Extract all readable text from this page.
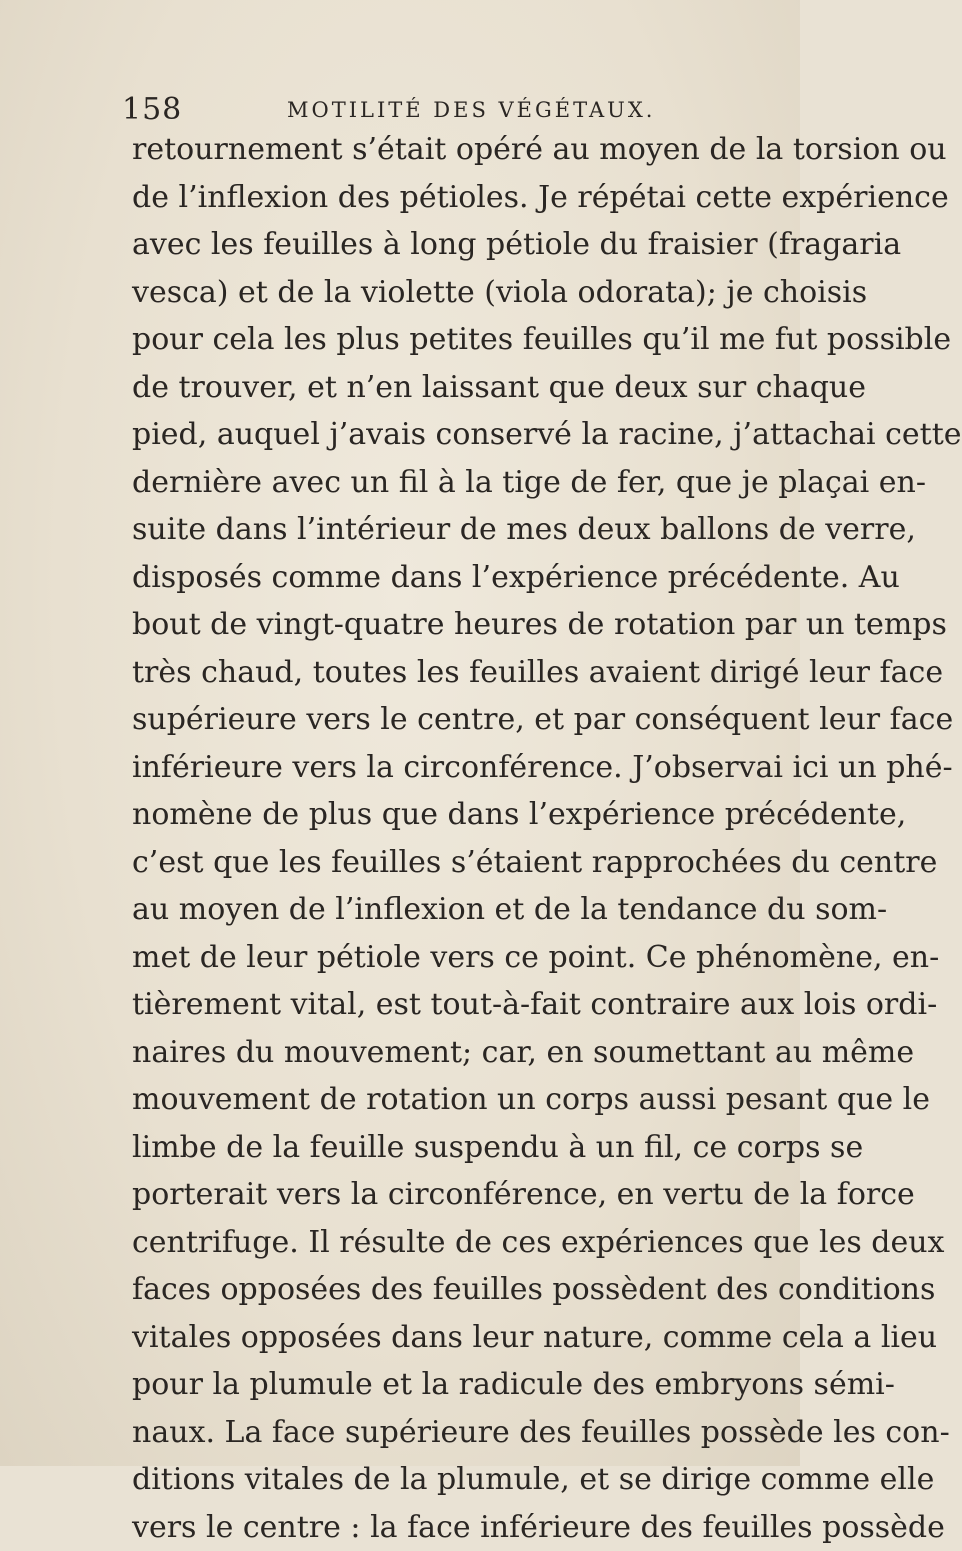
158	MOTILITÉ DES VÉGÉTAUX.
retournement s’était opéré au moyen de la torsion ou
de l’inflexion des pétioles. Je répétai cette expérience
avec les feuilles à long pétiole du fraisier (fragaria
vesca) et de la violette (viola odorata); je choisis
pour cela les plus petites feuilles qu’il me fut possible
de trouver, et n’en laissant que deux sur chaque
pied, auquel j’avais conservé la racine, j’attachai cette
dernière avec un fil à la tige de fer, que je plaçai en-
suite dans l’intérieur de mes deux ballons de verre,
disposés comme dans l’expérience précédente. Au
bout de vingt-quatre heures de rotation par un temps
très chaud, toutes les feuilles avaient dirigé leur face
supérieure vers le centre, et par conséquent leur face
inférieure vers la circonférence. J’observai ici un phé-
nomène de plus que dans l’expérience précédente,
c’est que les feuilles s’étaient rapprochées du centre
au moyen de l’inflexion et de la tendance du som-
met de leur pétiole vers ce point. Ce phénomène, en-
tièrement vital, est tout-à-fait contraire aux lois ordi-
naires du mouvement; car, en soumettant au même
mouvement de rotation un corps aussi pesant que le
limbe de la feuille suspendu à un fil, ce corps se
porterait vers la circonférence, en vertu de la force
centrifuge. Il résulte de ces expériences que les deux
faces opposées des feuilles possèdent des conditions
vitales opposées dans leur nature, comme cela a lieu
pour la plumule et la radicule des embryons sémi-
naux. La face supérieure des feuilles possède les con-
ditions vitales de la plumule, et se dirige comme elle
vers le centre : la face inférieure des feuilles possède
